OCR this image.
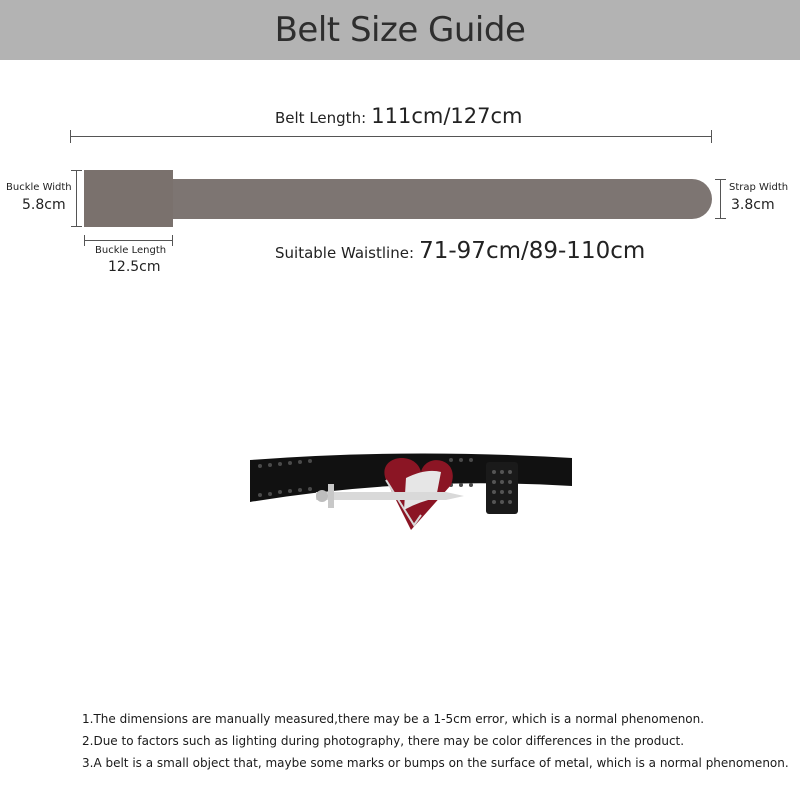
Belt Size Guide
Belt Length: 111cm/127cm
Buckle Width
5.8cm
Strap Width
3.8cm
Buckle Length
12.5cm
Suitable Waistline: 71-97cm/89-110cm
1.The dimensions are manually measured,there may be a 1-5cm error, which is a normal phenomenon.
2.Due to factors such as lighting during photography, there may be color differences in the product.
3.A belt is a small object that, maybe some marks or bumps on the surface of metal, which is a normal phenomenon.
